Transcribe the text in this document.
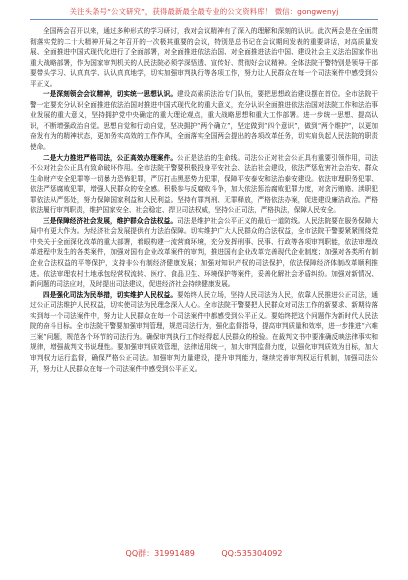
关注头条号“公文研究”，获得最新最全最专业的公文资料库！ 微信：gongwenyj

全国两会召开以来，通过多种形式的学习研讨，我对会议精神有了深入的理解和深刻的认识。此次两会是在全面贯彻落实党的二十大精神开局之年召开的一次极其重要的会议，特别是总书记在会议期间发表的重要讲话，对高质量发展、全面推进中国式现代化进行了全面部署，对全面推进依法治国、对全面推进法治中国、建设社会主义法治国家作出重大战略部署，作为国家审判机关的人民法院必须学深悟透、宣传好、贯彻好会议精神。全体法院干警特别是领导干部要带头学习、认真真学、认认真真地学，切实加强审判执行等各项工作，努力让人民群众在每一个司法案件中感受到公平正义。

一是深刻领会会议精神，切实统一思想认识。建设高素质法治专门队伍，要把思想政治建设摆在首位。全市法院干警一定要充分认识全面推进依法治国对推进中国式现代化的重大意义，充分认识全面推进依法治国对法院工作和法治事业发展的重大意义，坚持拥护党中央确定的重大理论观点，重大战略思想和重大工作部署。进一步统一思想、提高认识，不断增强政治自觉。思想自觉和行动自觉，坚决拥护“两个确立”，坚定做到“四个意识”，做到“两个维护”，以更加奋发有为的精神状态，更加务实高效的工作作风，全面落实全国两会提出的各项改革任务，切实肩负起人民法院的职责使命。

二是大力推进严格司法，公正高效办理案件。公正是法治的生命线。司法公正对社会公正具有重要引领作用，司法不公对社会公正具有致命破坏作用。全市法院干警要积极投身平安社会、法治社会建设，依法严惩危害社会治安、群众生命财产安全犯罪等一切暴力恐怖犯罪，严厉打击黑恶势力犯罪，保障平安泰安和法治泰安建设。依法审理职务犯罪、依法严惩腐败犯罪，增强人民群众的安全感。积极参与反腐败斗争，加大依法惩治腐败犯罪力度，对贪污贿赂、渎职犯罪依法从严惩处，努力保障国家利益和人民利益。坚持有罪判刑、无罪释放，严格依法办案，促进建设廉洁政治。严格依法履行审判职责，维护国家安全、社会稳定、捍卫司法权威，坚持公正司法，严格执法，保障人民安全。

三是保障经济社会发展，维护群众合法权益。司法是维护社会公平正义的最后一道防线。人民法院要在服务保障大局中有更大作为。为经济社会发展提供有力法治保障。切实维护广大人民群众的合法权益，全市法院干警要紧紧围绕党中央关于全面深化改革的重大部署，着眼构建一流营商环境，充分发挥刑事、民事、行政等各项审判职能，依法审理改革进程中发生的各类案件，加强对国有企业改革案件的审判，推进国有企业改革完善现代企业制度；加强对各类所有制企业合法权益的平等保护，支持非公有制经济健康发展；加强对知识产权的司法保护，依法保障经济体制改革顺利推进。依法审理农村土地承包经营权流转、医疗、食品卫生、环境保护等案件，妥善化解社会矛盾纠纷。加强对新情况、新问题的司法应对，及时提出司法建议，促进经济社会持续健康发展。

四是强化司法为民举措，切实维护人民权益。要始终人民立场，坚持人民司法为人民，依靠人民推进公正司法，通过公正司法维护人民权益，切实使司法为民理念深入人心。全市法院干警要把人民群众对司法工作的新要求、新期待落实到每一个司法案件中，努力让人民群众在每一个司法案件中都感受到公平正义。要始终把这个问题作为新时代人民法院的奋斗目标。全市法院干警要加强审判管理，规范司法行为，强化监督指导，提高审判质量和效率，进一步推进“六难三案”问题，规范各个环节的司法行为。确保审判执行工作经得起人民群众的检验。在裁判文书中要准确反映法律事实和规律，增强裁判文书说理性。要加强审判质效管理，法律适用统一，加大审判监督力度，以强化审判质效为目标，加大审判权力运行监督，确保严格公正司法。加强审判力量建设，提升审判能力，继续完善审判权运行机制，加强司法公开，努力让人民群众在每一个司法案件中感受到公平正义。

QQ群：31991489	QQ:535304092
